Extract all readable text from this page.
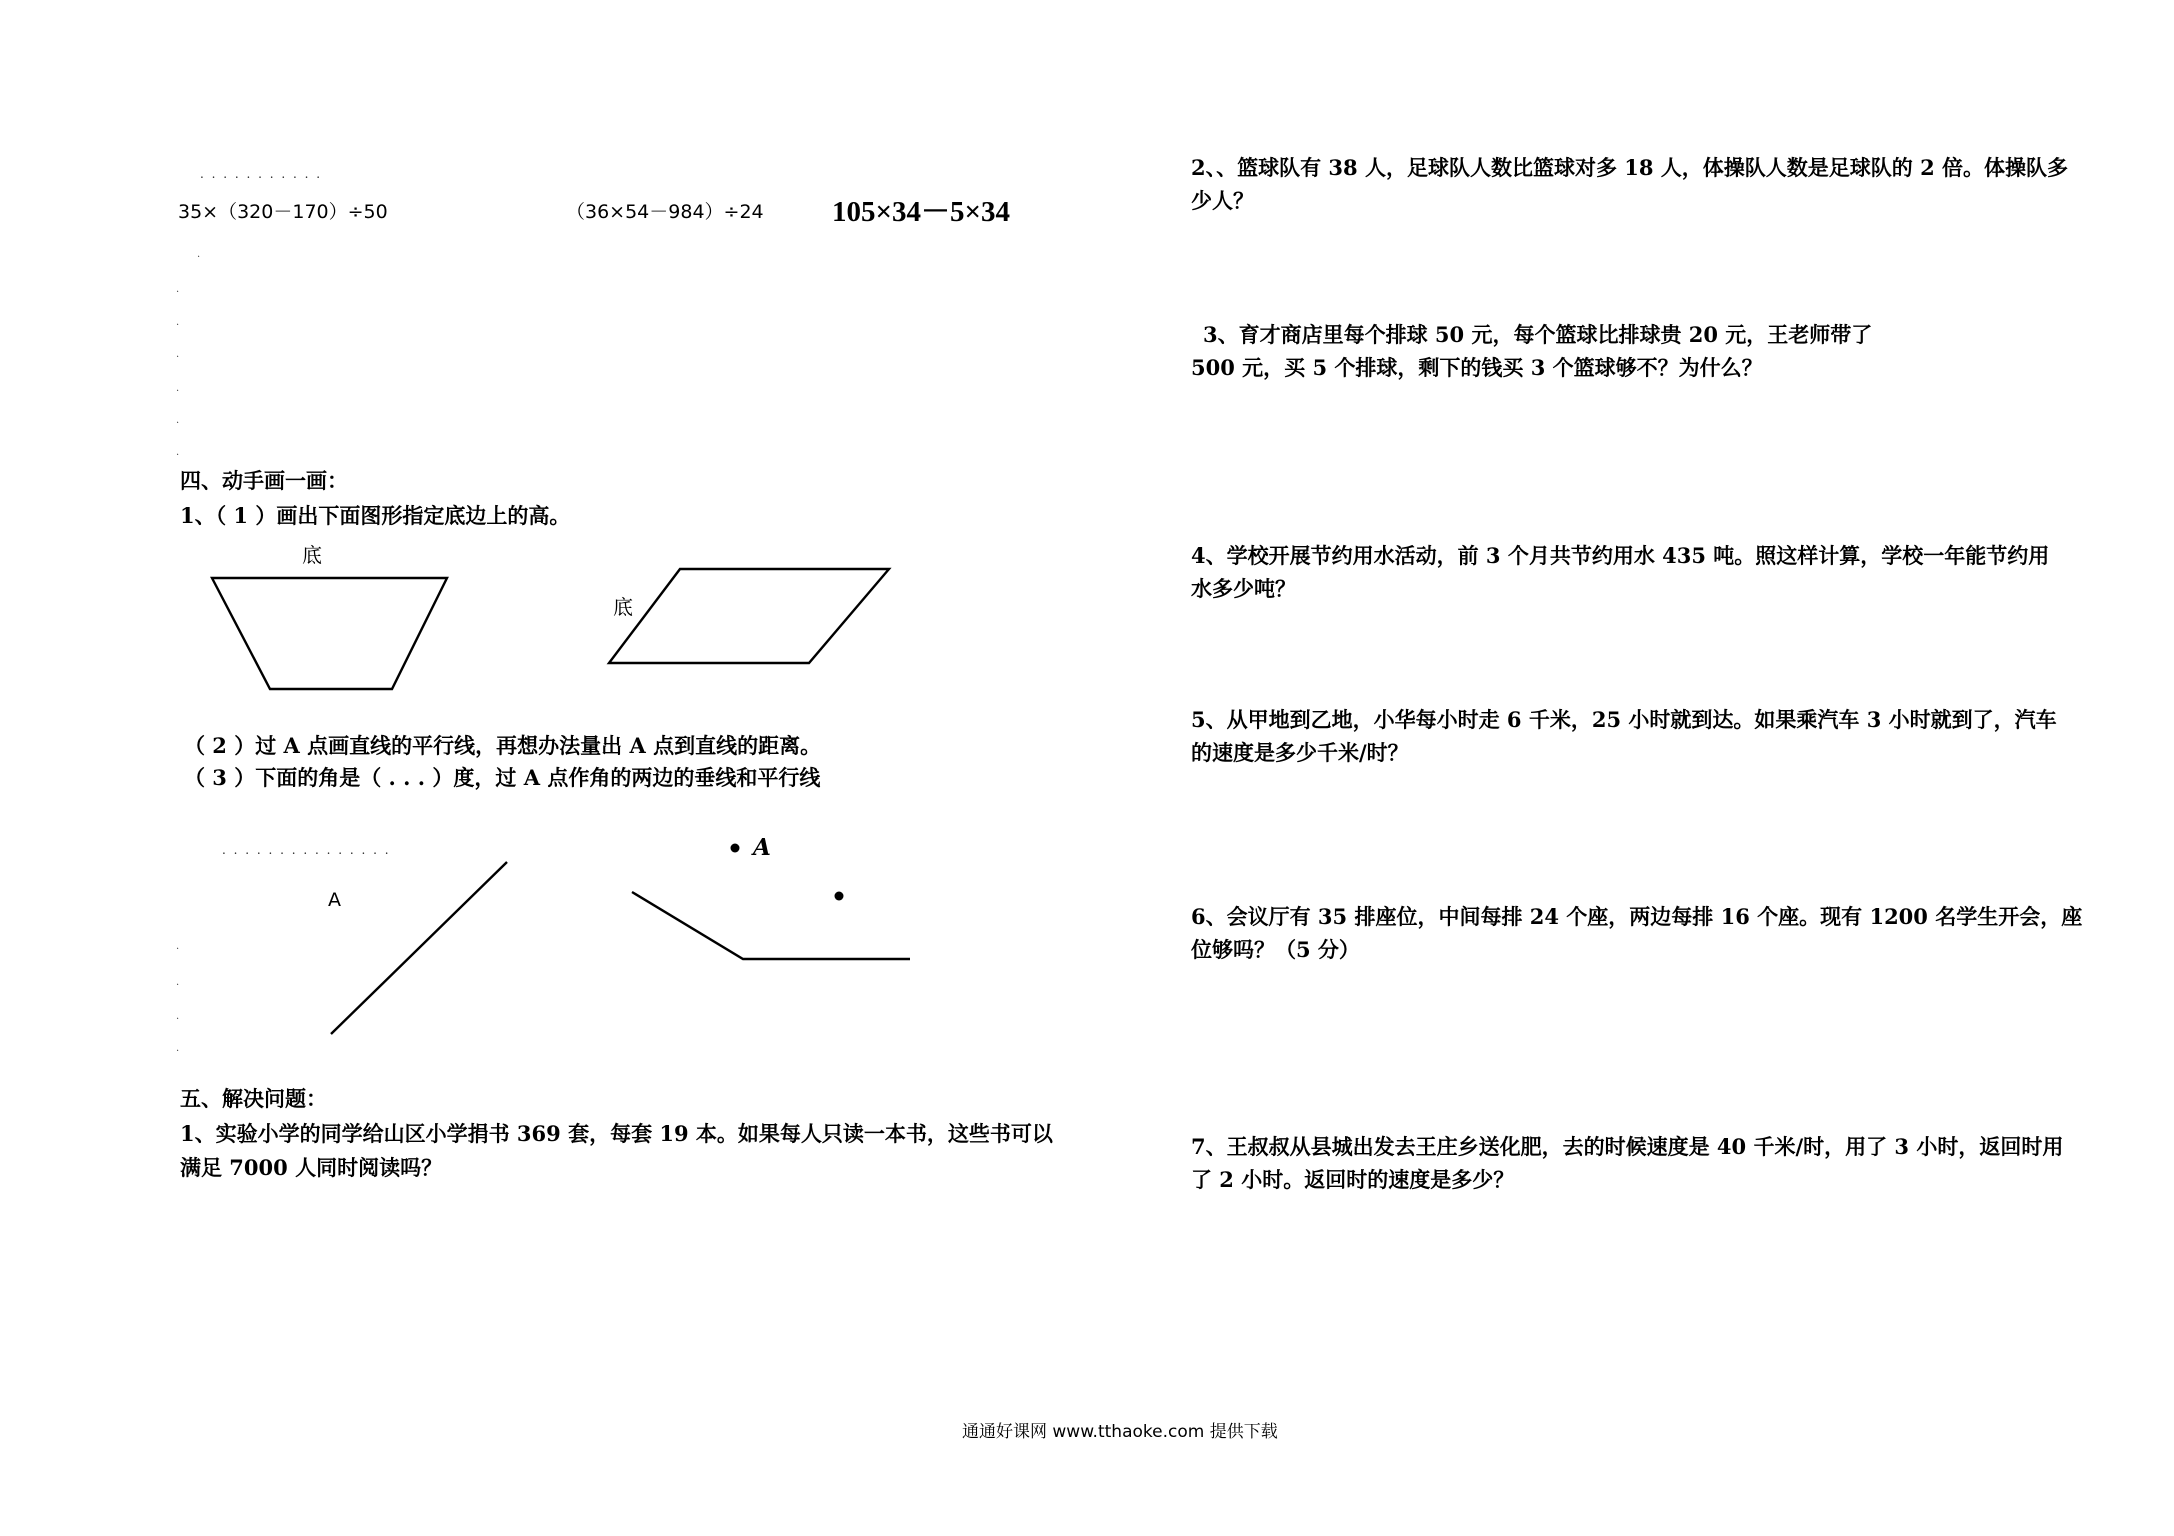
. . . . . . . . . . .
35×（320－170）÷50	（36×54－984）÷24 105×34－5×34
.
.
.
.
.
.
.
四、动手画一画：
1、（ 1 ）画出下面图形指定底边上的高。
底
底
（ 2 ）过 A 点画直线的平行线，再想办法量出 A 点到直线的距离。
（ 3 ）下面的角是（ . . . ）度，过 A 点作角的两边的垂线和平行线
. . . . . . . . . . . . . . .
A
A
.
.
.
.
五、解决问题：
1、实验小学的同学给山区小学捐书 369 套，每套 19 本。如果每人只读一本书，这些书可以
满足 7000 人同时阅读吗？
2、、篮球队有 38 人，足球队人数比篮球对多 18 人，体操队人数是足球队的 2 倍。体操队多
少人？
3、育才商店里每个排球 50 元，每个篮球比排球贵 20 元，王老师带了
500 元，买 5 个排球，剩下的钱买 3 个篮球够不？为什么？
4、学校开展节约用水活动，前 3 个月共节约用水 435 吨。照这样计算，学校一年能节约用
水多少吨？
5、从甲地到乙地，小华每小时走 6 千米，25 小时就到达。如果乘汽车 3 小时就到了，汽车
的速度是多少千米/时？
6、会议厅有 35 排座位，中间每排 24 个座，两边每排 16 个座。现有 1200 名学生开会，座
位够吗？（5 分）
7、王叔叔从县城出发去王庄乡送化肥，去的时候速度是 40 千米/时，用了 3 小时，返回时用
了 2 小时。返回时的速度是多少？
通通好课网 www.tthaoke.com 提供下载
